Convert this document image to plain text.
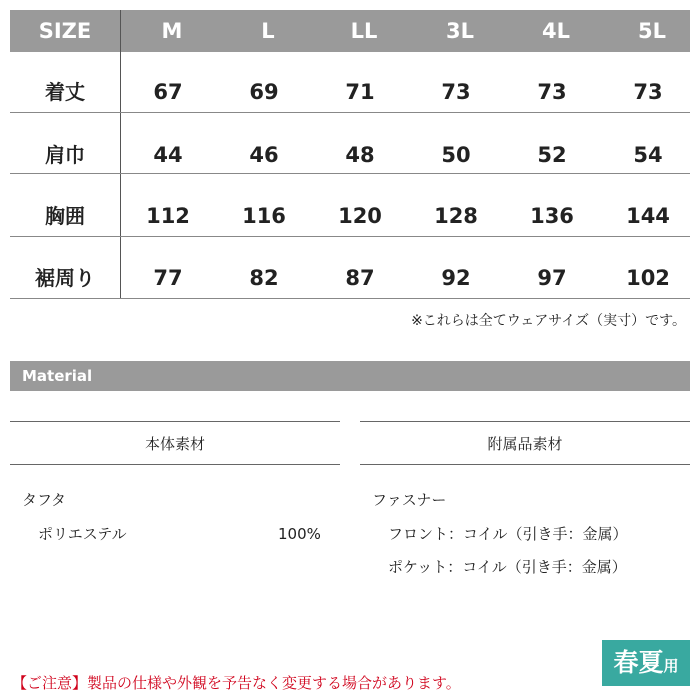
SIZE	M	L	LL	3L	4L	5L
着丈	67	69	71	73	73	73
肩巾	44	46	48	50	52	54
胸囲	112	116	120	128	136	144
裾周り	77	82	87	92	97	102
※これらは全てウェアサイズ（実寸）です。
Material
本体素材	附属品素材
タフタ
ポリエステル	100%
ファスナー
フロント：コイル（引き手：金属）
ポケット：コイル（引き手：金属）
【ご注意】製品の仕様や外観を予告なく変更する場合があります。
春夏用
